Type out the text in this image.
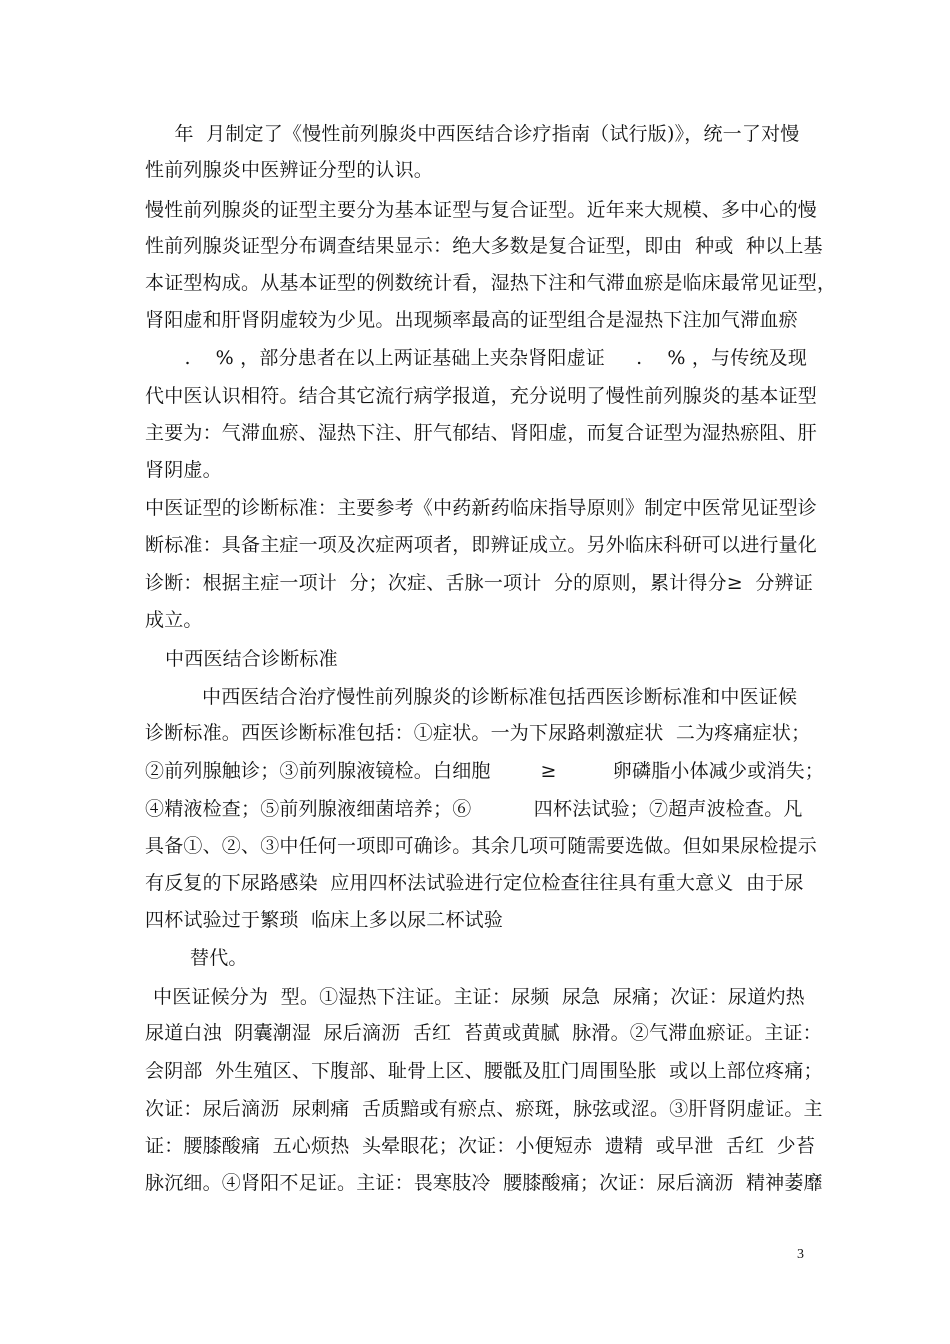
年  月制定了《慢性前列腺炎中西医结合诊疗指南（试行版)》，统一了对慢
性前列腺炎中医辨证分型的认识。
慢性前列腺炎的证型主要分为基本证型与复合证型。近年来大规模、多中心的慢
性前列腺炎证型分布调查结果显示：绝大多数是复合证型，即由  种或  种以上基
本证型构成。从基本证型的例数统计看，湿热下注和气滞血瘀是临床最常见证型，
肾阳虚和肝肾阴虚较为少见。出现频率最高的证型组合是湿热下注加气滞血瘀
.    % ，部分患者在以上两证基础上夹杂肾阳虚证     .    % ，与传统及现
代中医认识相符。结合其它流行病学报道，充分说明了慢性前列腺炎的基本证型
主要为：气滞血瘀、湿热下注、肝气郁结、肾阳虚，而复合证型为湿热瘀阻、肝
肾阴虚。
中医证型的诊断标准：主要参考《中药新药临床指导原则》制定中医常见证型诊
断标准：具备主症一项及次症两项者，即辨证成立。另外临床科研可以进行量化
诊断：根据主症一项计  分；次症、舌脉一项计  分的原则，累计得分≥  分辨证
成立。
中西医结合诊断标准
中西医结合治疗慢性前列腺炎的诊断标准包括西医诊断标准和中医证候
诊断标准。西医诊断标准包括：①症状。一为下尿路刺激症状  二为疼痛症状；
②前列腺触诊；③前列腺液镜检。白细胞        ≥         卵磷脂小体减少或消失；
④精液检查；⑤前列腺液细菌培养；⑥          四杯法试验；⑦超声波检查。凡
具备①、②、③中任何一项即可确诊。其余几项可随需要选做。但如果尿检提示
有反复的下尿路感染  应用四杯法试验进行定位检查往往具有重大意义  由于尿
四杯试验过于繁琐  临床上多以尿二杯试验
替代。
中医证候分为  型。①湿热下注证。主证：尿频  尿急  尿痛；次证：尿道灼热
尿道白浊  阴囊潮湿  尿后滴沥  舌红  苔黄或黄腻  脉滑。②气滞血瘀证。主证：
会阴部  外生殖区、下腹部、耻骨上区、腰骶及肛门周围坠胀  或以上部位疼痛；
次证：尿后滴沥  尿刺痛  舌质黯或有瘀点、瘀斑，脉弦或涩。③肝肾阴虚证。主
证：腰膝酸痛  五心烦热  头晕眼花；次证：小便短赤  遗精  或早泄  舌红  少苔
脉沉细。④肾阳不足证。主证：畏寒肢冷  腰膝酸痛；次证：尿后滴沥  精神萎靡
3
